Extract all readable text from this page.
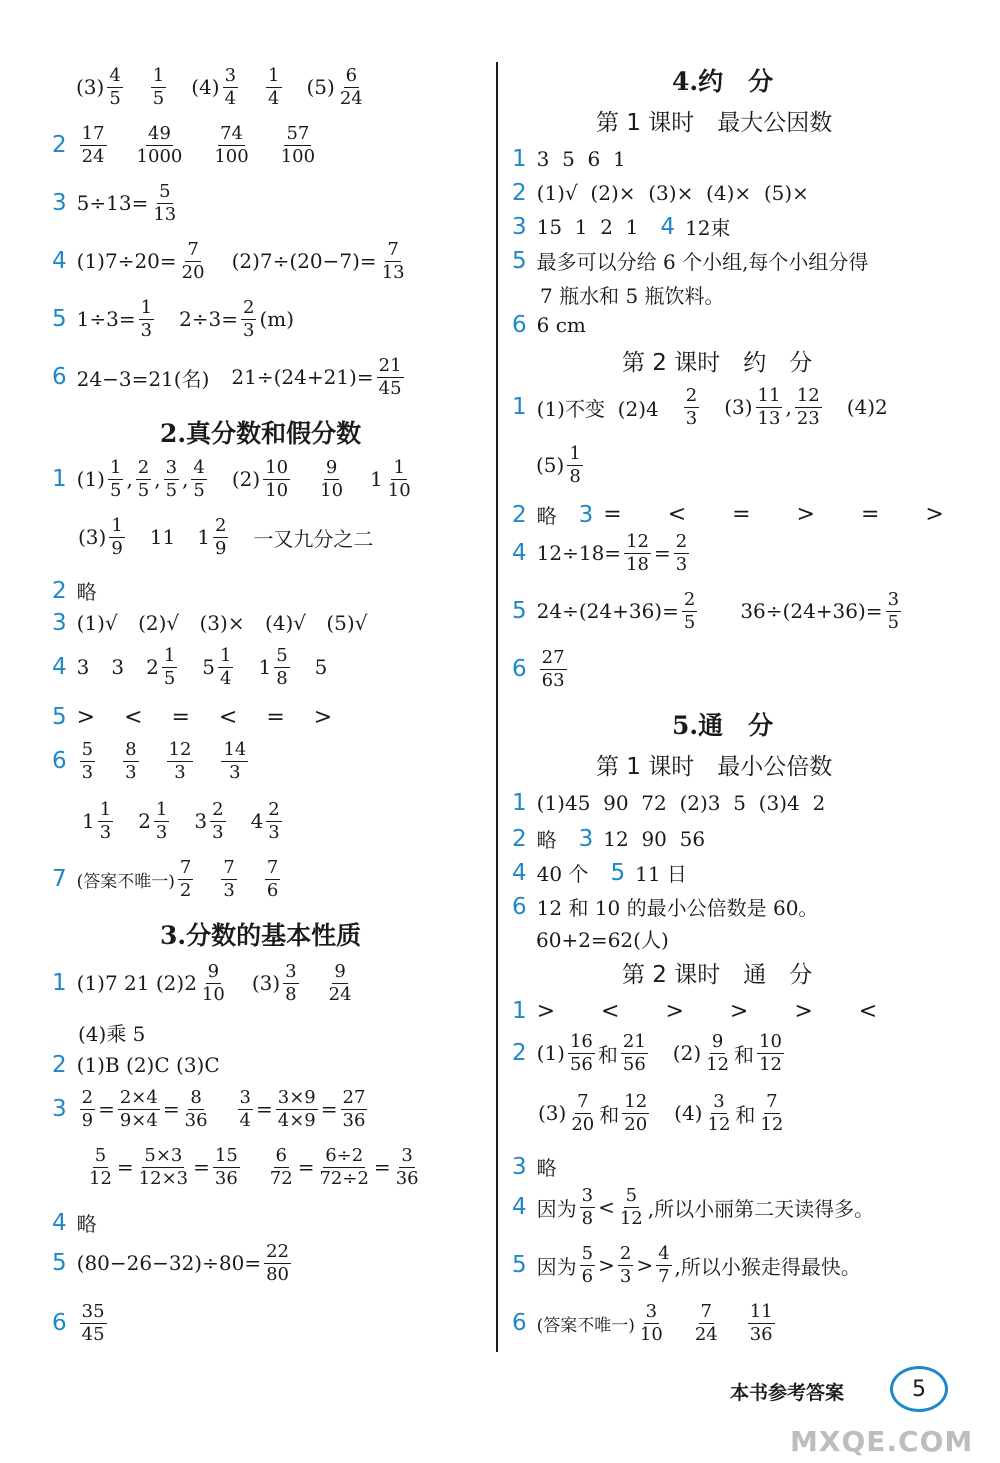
$(3) \frac{4}{5} \frac{1}{5} (4) \frac{3}{4} \frac{1}{4} (5) \frac{6}{24}$
$2 \frac{17}{24} \frac{49}{1000} \frac{74}{100} \frac{57}{100}$
3 $5\div 13= \frac{5}{13}$
4 $(1)7\div 20= \frac{7}{20} (2)7\div(20-7)= \frac{7}{13}$
5 $1\div 3= \frac{1}{3} 2\div 3= \frac{2}{3} (m)$
6 24−3=21(名) $21\div(24+21)= \frac{21}{45}$
2.真分数和假分数
1 $(1) \frac{1}{5}$ , $\frac{2}{5}$ , $\frac{3}{5}$ , $\frac{4}{5} (2) \frac{10}{10} \frac{9}{10} 1 \frac{1}{10}$
$(3) \frac{1}{9} 11$ $1 \frac{2}{9}$ 一又九分之二
2 略
3 (1)√ (2)√ (3)× (4)√ (5)√
4 3 3 $2 \frac{1}{5} 5 \frac{1}{4} 1 \frac{5}{8} 5$
5 > < = < = >
$6 \frac{5}{3} \frac{8}{3} \frac{12}{3} \frac{14}{3}$
$1 \frac{1}{3} 2 \frac{1}{3} 3 \frac{2}{3} 4 \frac{2}{3}$
7 (答案不唯一) $\frac{7}{2} \frac{7}{3} \frac{7}{6}$
3.分数的基本性质
1 (1)7 21 $(2)2 \frac{9}{10} (3) \frac{3}{8} \frac{9}{24}$
(4)乘 5
2 (1)B (2)C (3)C
$3 \frac{2}{9} = \frac{2\times 4}{9\times 4} = \frac{8}{36} \frac{3}{4} = \frac{3\times 9}{4\times 9} = \frac{27}{36}$
$\frac{5}{12} = \frac{5\times 3}{12\times 3} = \frac{15}{36} \frac{6}{72} = \frac{6\div 2}{72\div 2} = \frac{3}{36}$
4 略
5 $(80-26-32)\div 80= \frac{22}{80}$
$6 \frac{35}{45}$
4.约　分
第 1 课时　最大公因数
1 3  5  6  1
2 (1)√  (2)×  (3)×  (4)×  (5)×
3 15  1  2  1 4 12束
5 最多可以分给 6 个小组,每个小组分得
7 瓶水和 5 瓶饮料。
6 6 cm
第 2 课时　约　分
1 (1)不变  $(2)4 \frac{2}{3} (3) \frac{11}{13}$ , $\frac{12}{23} (4)2$
$(5) \frac{1}{8}$
2 略 3 =  <  =  >  =  >
4 $12\div 18= \frac{12}{18} = \frac{2}{3}$
5 $24\div(24+36)= \frac{2}{5} 36\div(24+36)= \frac{3}{5}$
$6 \frac{27}{63}$
5.通　分
第 1 课时　最小公倍数
1 (1)45  90  72  (2)3  5  (3)4  2
2 略 3 12  90  56
4 40 个 5 11 日
6 12 和 10 的最小公倍数是 60。
60+2=62(人)
第 2 课时　通　分
1 >  <  >  >  >  <
2 $(1) \frac{16}{56}$ 和 $\frac{21}{56} (2) \frac{9}{12}$ 和 $\frac{10}{12}$
$(3) \frac{7}{20}$ 和 $\frac{12}{20} (4) \frac{3}{12}$ 和 $\frac{7}{12}$
3 略
4 因为 $\frac{3}{8} < \frac{5}{12}$ ,所以小丽第二天读得多。
5 因为 $\frac{5}{6} > \frac{2}{3} > \frac{4}{7}$ ,所以小猴走得最快。
6 (答案不唯一) $\frac{3}{10} \frac{7}{24} \frac{11}{36}$
本书参考答案	5
MXQE.COM
